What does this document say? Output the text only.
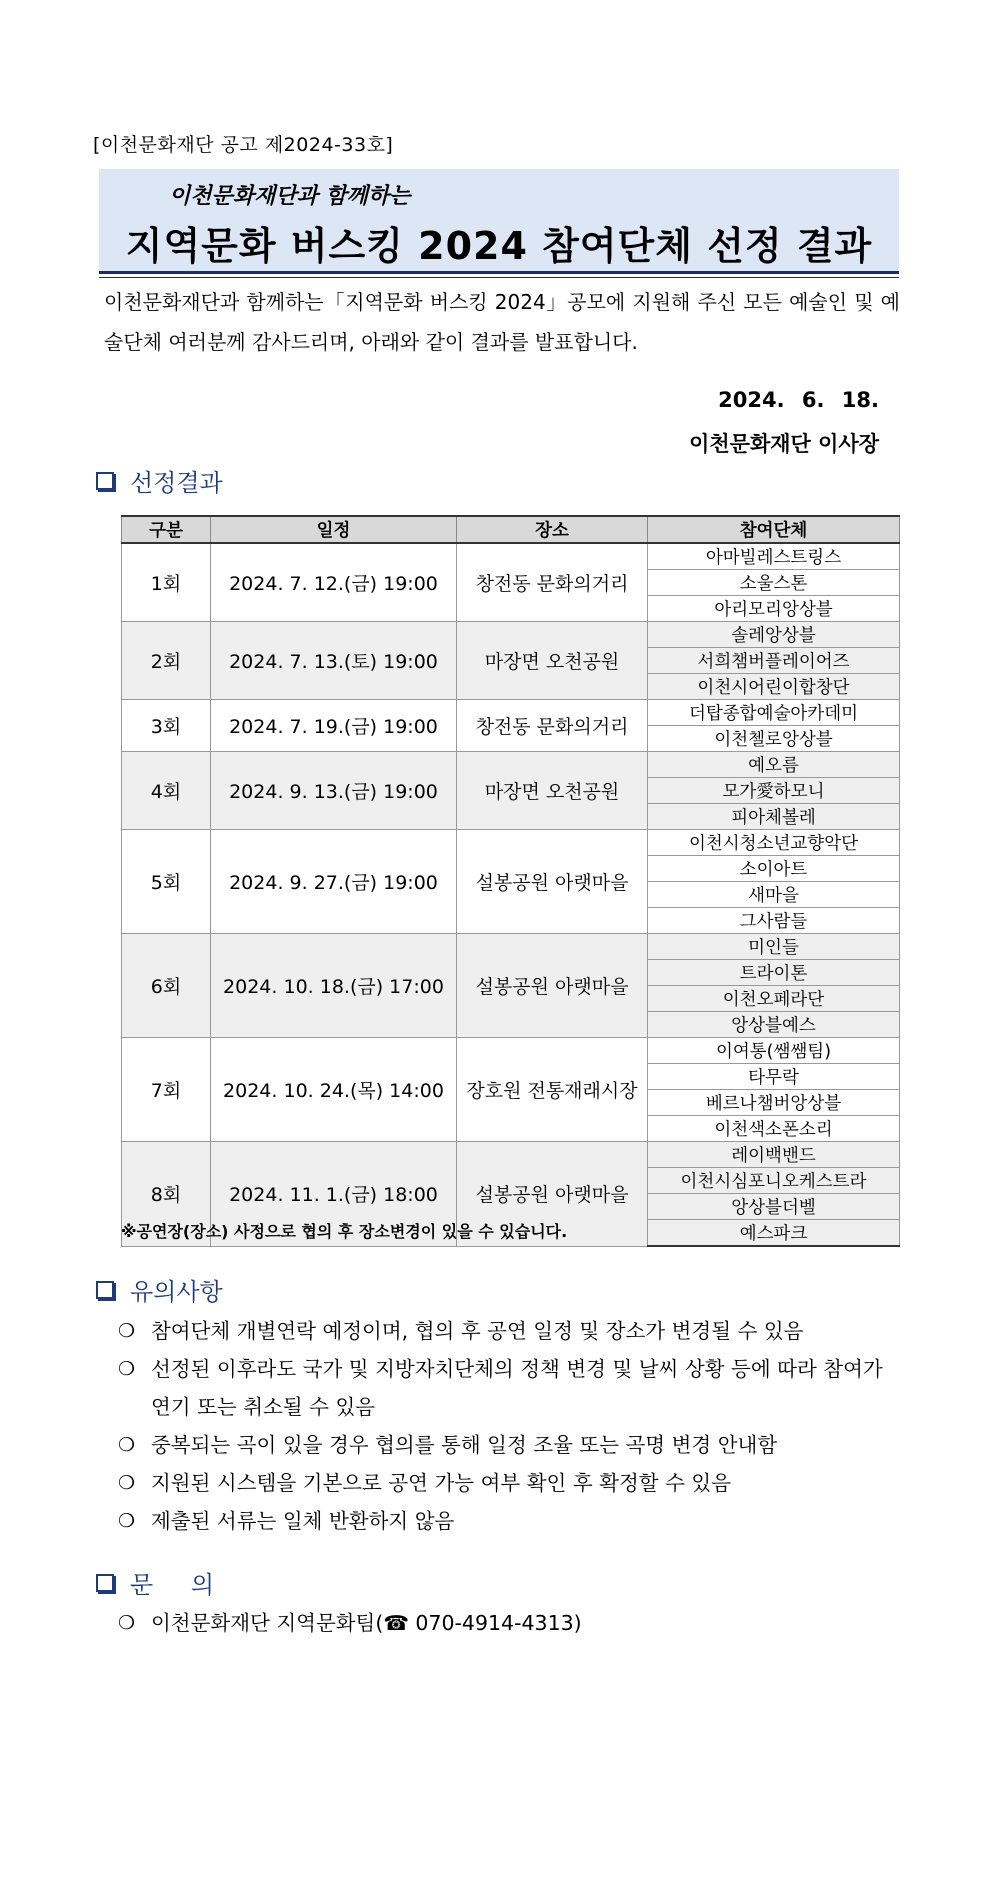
[이천문화재단 공고 제2024-33호]
이천문화재단과 함께하는
지역문화 버스킹 2024 참여단체 선정 결과
이천문화재단과 함께하는「지역문화 버스킹 2024」공모에 지원해 주신 모든 예술인 및 예술단체 여러분께 감사드리며, 아래와 같이 결과를 발표합니다.
2024. 6. 18.
이천문화재단 이사장
선정결과
구분	일정	장소	참여단체
1회	2024. 7. 12.(금) 19:00	창전동 문화의거리	아마빌레스트링스
			소울스톤
			아리모리앙상블
2회	2024. 7. 13.(토) 19:00	마장면 오천공원	솔레앙상블
			서희챔버플레이어즈
			이천시어린이합창단
3회	2024. 7. 19.(금) 19:00	창전동 문화의거리	더탑종합예술아카데미
			이천첼로앙상블
4회	2024. 9. 13.(금) 19:00	마장면 오천공원	예오름
			모가愛하모니
			피아체볼레
5회	2024. 9. 27.(금) 19:00	설봉공원 아랫마을	이천시청소년교향악단
			소이아트
			새마을
			그사람들
6회	2024. 10. 18.(금) 17:00	설봉공원 아랫마을	미인들
			트라이톤
			이천오페라단
			앙상블예스
7회	2024. 10. 24.(목) 14:00	장호원 전통재래시장	이여통(쌤쌤팀)
			타무락
			베르나챔버앙상블
			이천색소폰소리
8회	2024. 11. 1.(금) 18:00	설봉공원 아랫마을	레이백밴드
			이천시심포니오케스트라
			앙상블더벨
			예스파크
※공연장(장소) 사정으로 협의 후 장소변경이 있을 수 있습니다.
유의사항
❍ 참여단체 개별연락 예정이며, 협의 후 공연 일정 및 장소가 변경될 수 있음
❍ 선정된 이후라도 국가 및 지방자치단체의 정책 변경 및 날씨 상황 등에 따라 참여가 연기 또는 취소될 수 있음
❍ 중복되는 곡이 있을 경우 협의를 통해 일정 조율 또는 곡명 변경 안내함
❍ 지원된 시스템을 기본으로 공연 가능 여부 확인 후 확정할 수 있음
❍ 제출된 서류는 일체 반환하지 않음
문 의
❍ 이천문화재단 지역문화팀(☎ 070-4914-4313)
